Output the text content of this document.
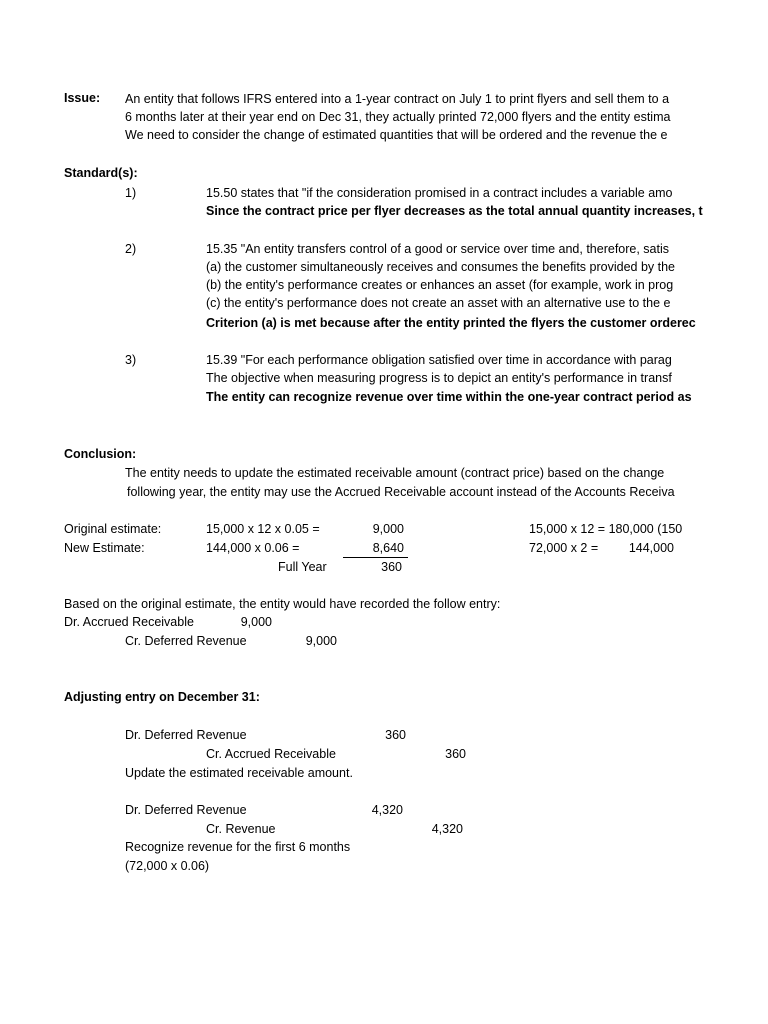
Issue: An entity that follows IFRS entered into a 1-year contract on July 1 to print flyers and sell them to a
6 months later at their year end on Dec 31, they actually printed 72,000 flyers and the entity estima
We need to consider the change of estimated quantities that will be ordered and the revenue the e
Standard(s):
1)	15.50 states that "if the consideration promised in a contract includes a variable amo
Since the contract price per flyer decreases as the total annual quantity increases, t
2)	15.35 "An entity transfers control of a good or service over time and, therefore, satis
(a) the customer simultaneously receives and consumes the benefits provided by the
(b) the entity's performance creates or enhances an asset (for example, work in prog
(c) the entity's performance does not create an asset with an alternative use to the e
Criterion (a) is met because after the entity printed the flyers the customer orderec
3)	15.39 "For each performance obligation satisfied over time in accordance with parag
The objective when measuring progress is to depict an entity's performance in transf
The entity can recognize revenue over time within the one-year contract period as
Conclusion:
The entity needs to update the estimated receivable amount (contract price) based on the change
following year, the entity may use the Accrued Receivable account instead of the Accounts Receiva
Original estimate:	15,000 x 12 x 0.05 =	9,000	15,000 x 12 = 180,000 (150
New Estimate:	144,000 x 0.06 =	8,640	72,000 x 2 =	144,000
Full Year	360
Based on the original estimate, the entity would have recorded the follow entry:
Dr. Accrued Receivable	9,000
Cr. Deferred Revenue	9,000
Adjusting entry on December 31:
Dr. Deferred Revenue	360
Cr. Accrued Receivable	360
Update the estimated receivable amount.
Dr. Deferred Revenue	4,320
Cr. Revenue	4,320
Recognize revenue for the first 6 months
(72,000 x 0.06)
